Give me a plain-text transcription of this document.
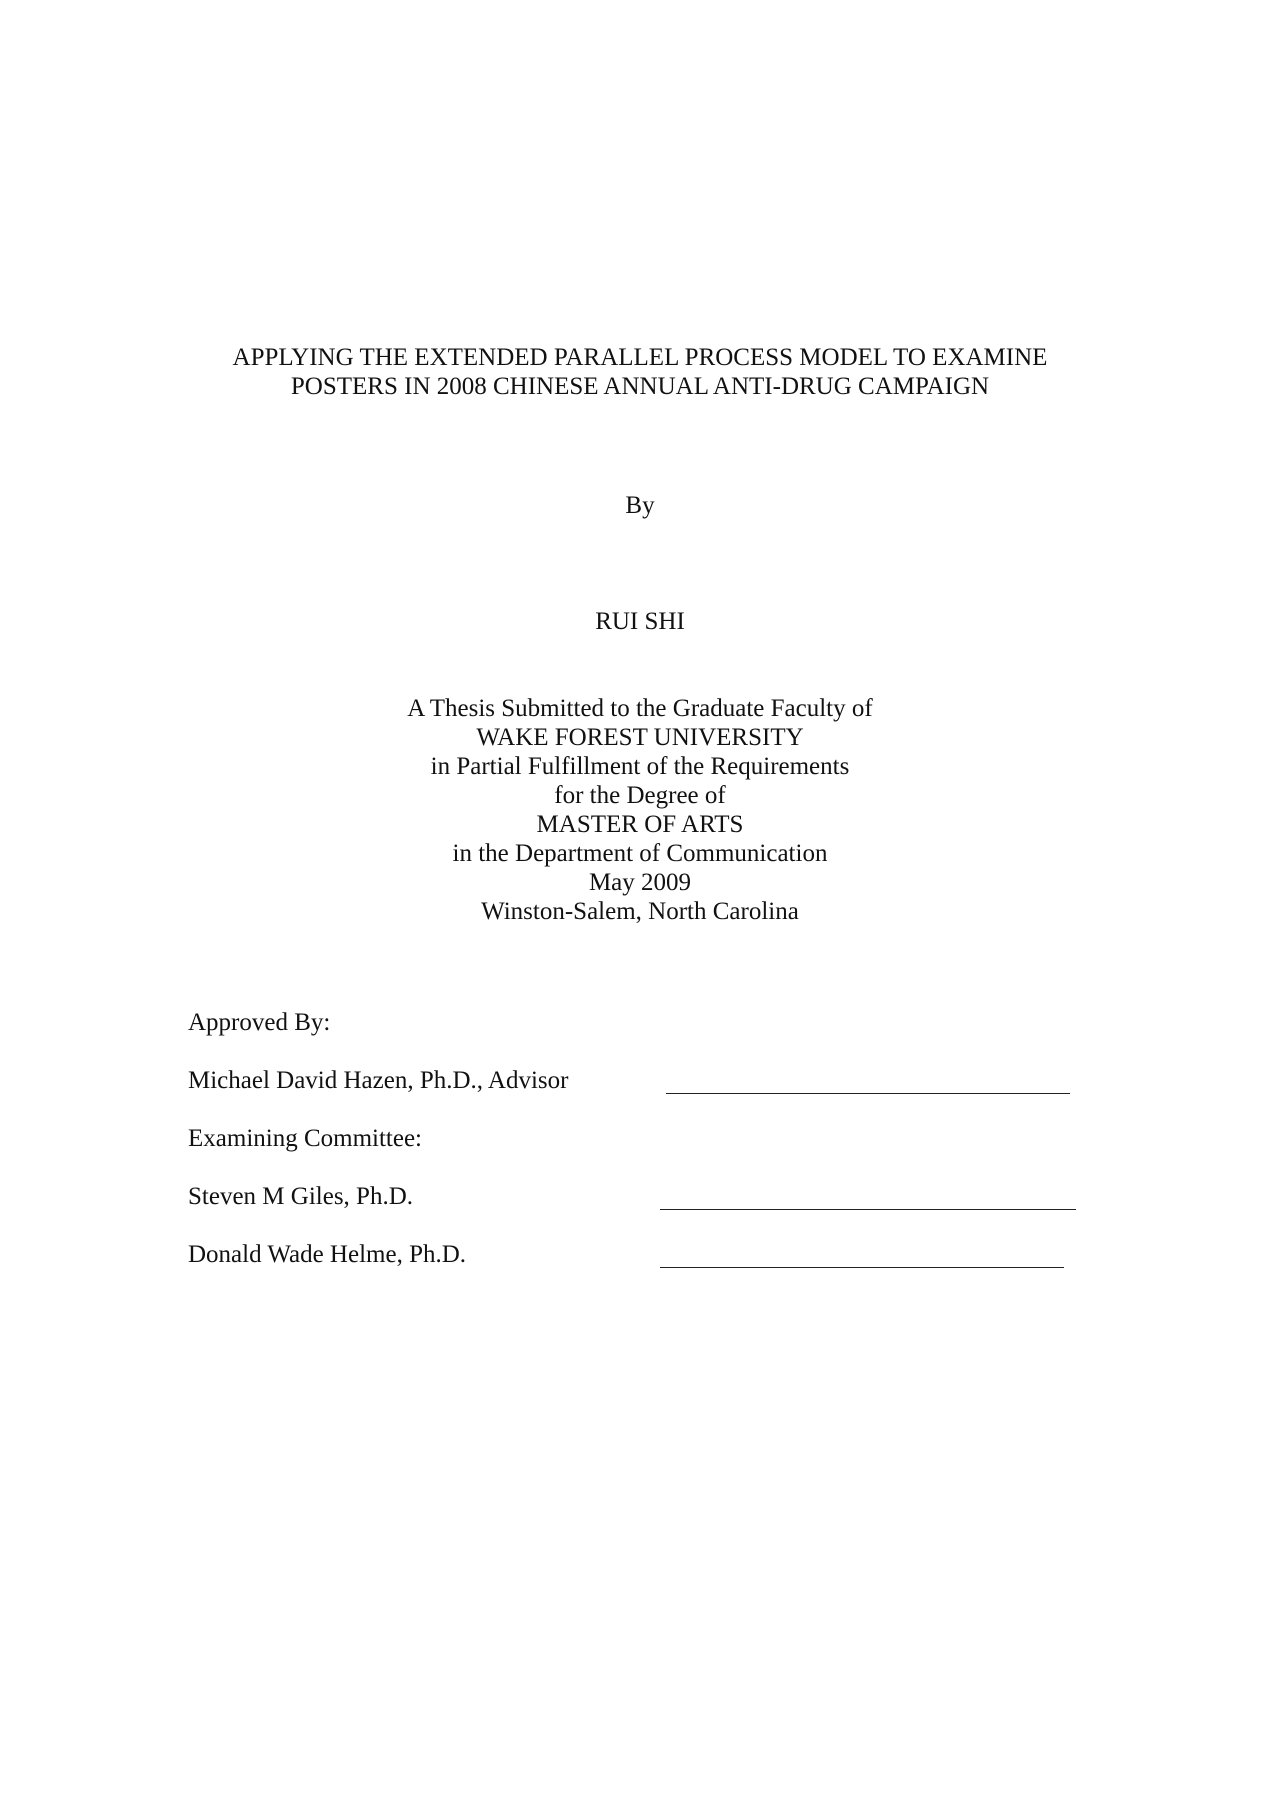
APPLYING THE EXTENDED PARALLEL PROCESS MODEL TO EXAMINE
POSTERS IN 2008 CHINESE ANNUAL ANTI-DRUG CAMPAIGN
By
RUI SHI
A Thesis Submitted to the Graduate Faculty of
WAKE FOREST UNIVERSITY
in Partial Fulfillment of the Requirements
for the Degree of
MASTER OF ARTS
in the Department of Communication
May 2009
Winston-Salem, North Carolina
Approved By:
Michael David Hazen, Ph.D., Advisor
Examining Committee:
Steven M Giles, Ph.D.
Donald Wade Helme, Ph.D.
